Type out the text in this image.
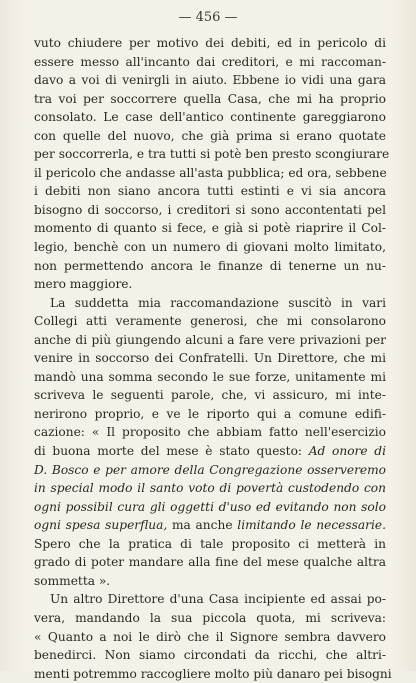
— 456 —
vuto chiudere per motivo dei debiti, ed in pericolo di
essere messo all'incanto dai creditori, e mi raccoman-
davo a voi di venirgli in aiuto. Ebbene io vidi una gara
tra voi per soccorrere quella Casa, che mi ha proprio
consolato. Le case dell'antico continente gareggiarono
con quelle del nuovo, che già prima si erano quotate
per soccorrerla, e tra tutti si potè ben presto scongiurare
il pericolo che andasse all'asta pubblica; ed ora, sebbene
i debiti non siano ancora tutti estinti e vi sia ancora
bisogno di soccorso, i creditori si sono accontentati pel
momento di quanto si fece, e già si potè riaprire il Col-
legio, benchè con un numero di giovani molto limitato,
non permettendo ancora le finanze di tenerne un nu-
mero maggiore.
La suddetta mia raccomandazione suscitò in vari
Collegi atti veramente generosi, che mi consolarono
anche di più giungendo alcuni a fare vere privazioni per
venire in soccorso dei Confratelli. Un Direttore, che mi
mandò una somma secondo le sue forze, unitamente mi
scriveva le seguenti parole, che, vi assicuro, mi inte-
nerirono proprio, e ve le riporto qui a comune edifi-
cazione: « Il proposito che abbiam fatto nell'esercizio
di buona morte del mese è stato questo: Ad onore di
D. Bosco e per amore della Congregazione osserveremo
in special modo il santo voto di povertà custodendo con
ogni possibil cura gli oggetti d'uso ed evitando non solo
ogni spesa superflua, ma anche limitando le necessarie.
Spero che la pratica di tale proposito ci metterà in
grado di poter mandare alla fine del mese qualche altra
sommetta ».
Un altro Direttore d'una Casa incipiente ed assai po-
vera, mandando la sua piccola quota, mi scriveva:
« Quanto a noi le dirò che il Signore sembra davvero
benedirci. Non siamo circondati da ricchi, che altri-
menti potremmo raccogliere molto più danaro pei bisogni
